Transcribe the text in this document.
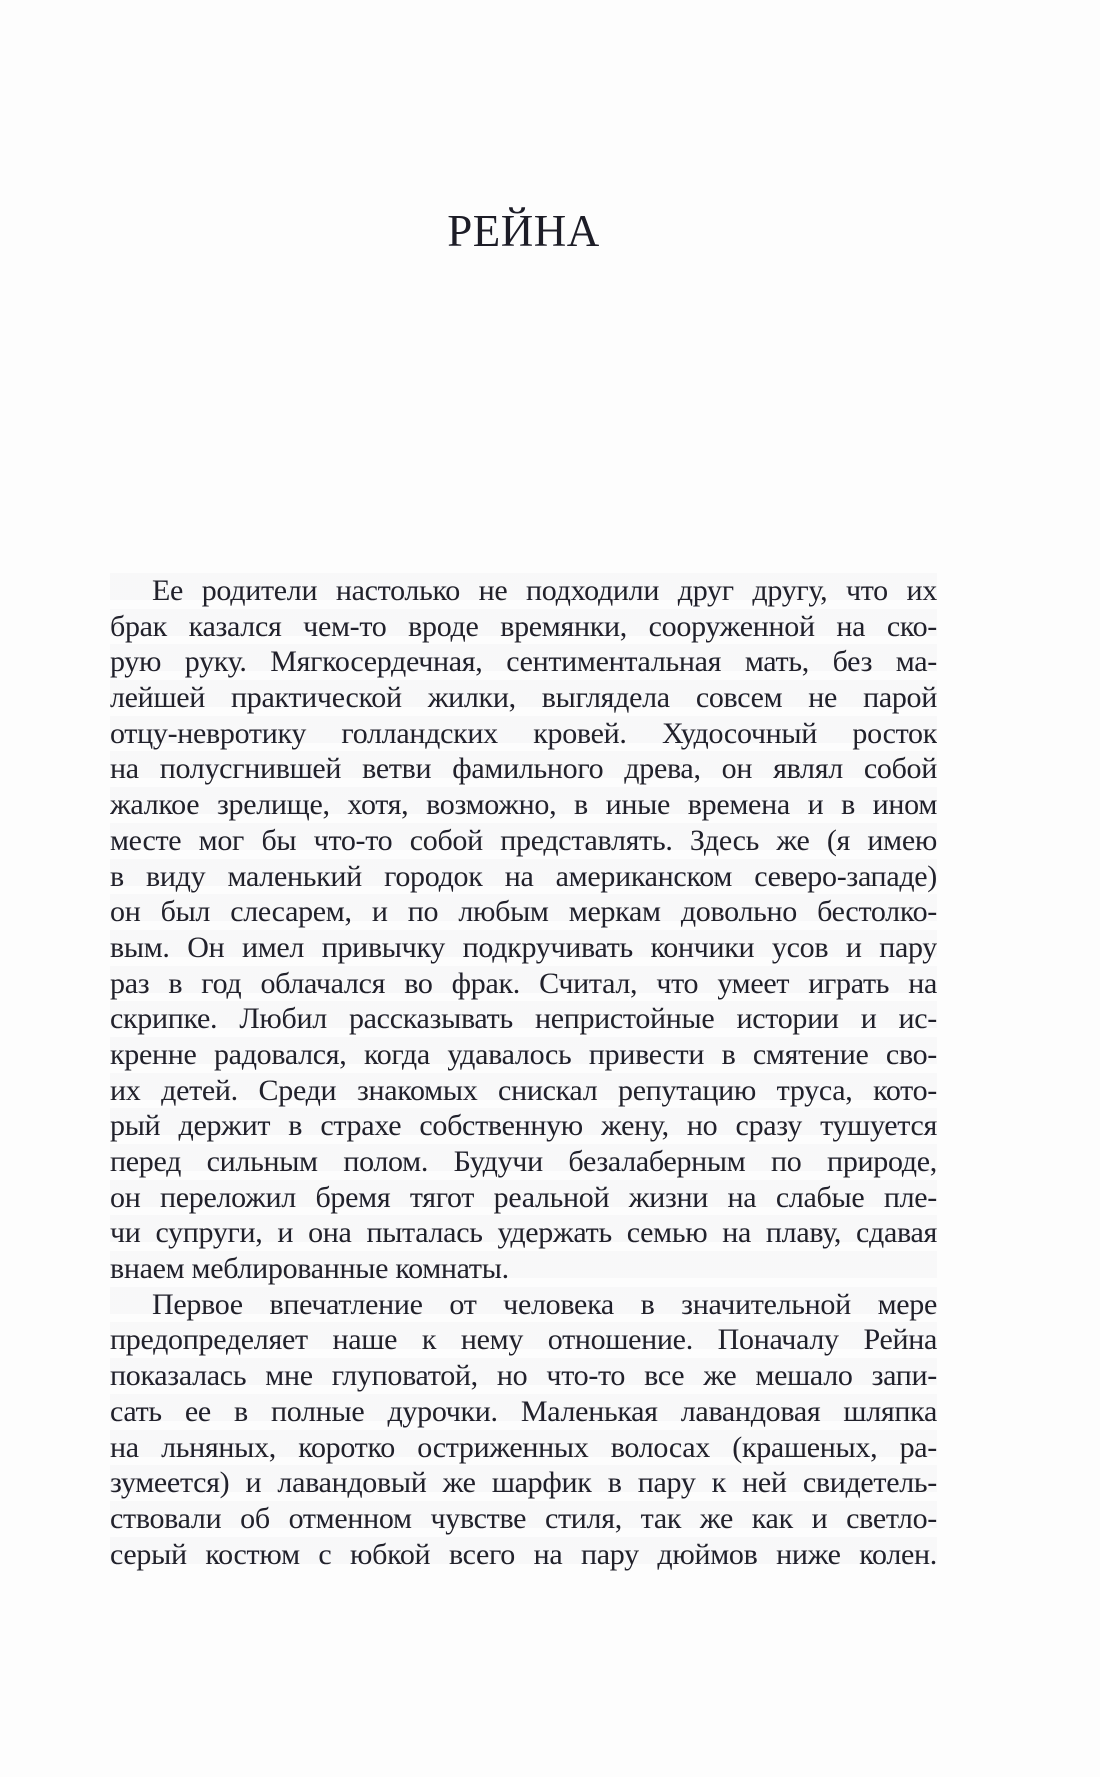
РЕЙНА
Ее родители настолько не подходили друг другу, что их
брак казался чем-то вроде времянки, сооруженной на ско-
рую руку. Мягкосердечная, сентиментальная мать, без ма-
лейшей практической жилки, выглядела совсем не парой
отцу-невротику голландских кровей. Худосочный росток
на полусгнившей ветви фамильного древа, он являл собой
жалкое зрелище, хотя, возможно, в иные времена и в ином
месте мог бы что-то собой представлять. Здесь же (я имею
в виду маленький городок на американском северо-западе)
он был слесарем, и по любым меркам довольно бестолко-
вым. Он имел привычку подкручивать кончики усов и пару
раз в год облачался во фрак. Считал, что умеет играть на
скрипке. Любил рассказывать непристойные истории и ис-
кренне радовался, когда удавалось привести в смятение сво-
их детей. Среди знакомых снискал репутацию труса, кото-
рый держит в страхе собственную жену, но сразу тушуется
перед сильным полом. Будучи безалаберным по природе,
он переложил бремя тягот реальной жизни на слабые пле-
чи супруги, и она пыталась удержать семью на плаву, сдавая
внаем меблированные комнаты.
Первое впечатление от человека в значительной мере
предопределяет наше к нему отношение. Поначалу Рейна
показалась мне глуповатой, но что-то все же мешало запи-
сать ее в полные дурочки. Маленькая лавандовая шляпка
на льняных, коротко остриженных волосах (крашеных, ра-
зумеется) и лавандовый же шарфик в пару к ней свидетель-
ствовали об отменном чувстве стиля, так же как и светло-
серый костюм с юбкой всего на пару дюймов ниже колен.
